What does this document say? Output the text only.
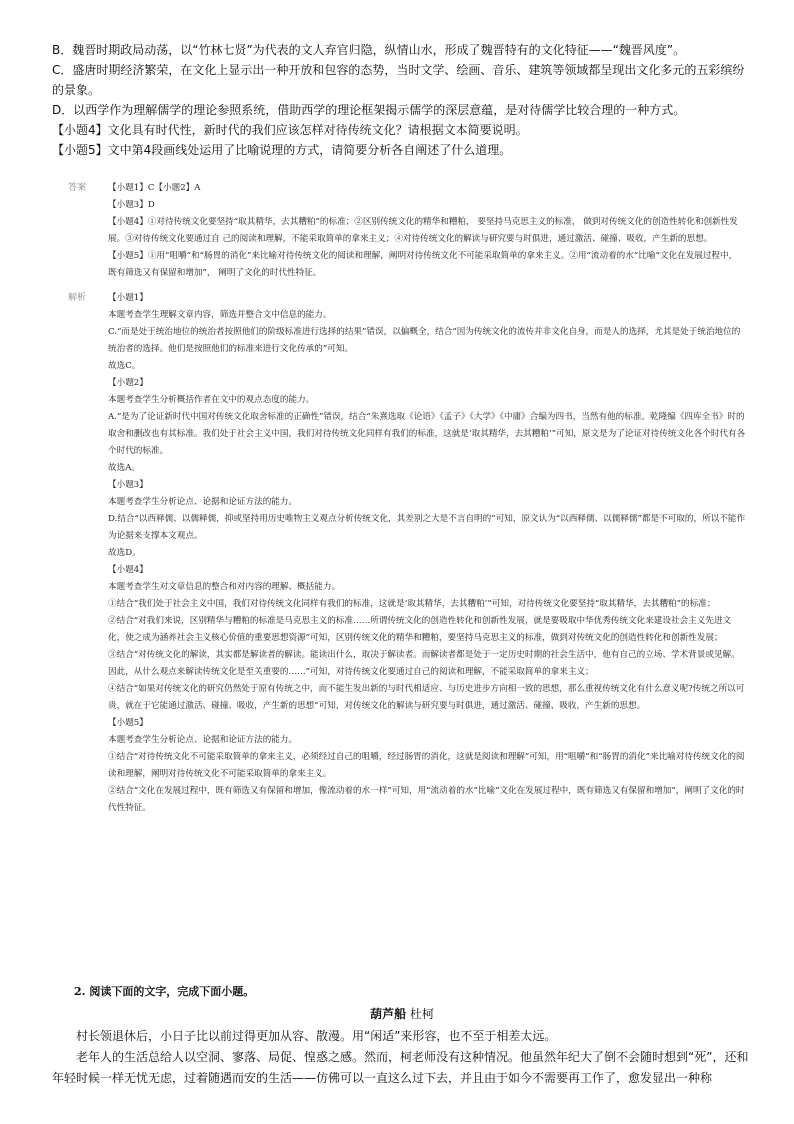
B．魏晋时期政局动荡，以“竹林七贤”为代表的文人弃官归隐，纵情山水，形成了魏晋特有的文化特征——“魏晋风度”。

C．盛唐时期经济繁荣，在文化上显示出一种开放和包容的态势，当时文学、绘画、音乐、建筑等领域都呈现出文化多元的五彩缤纷的景象。

D．以西学作为理解儒学的理论参照系统，借助西学的理论框架揭示儒学的深层意蕴，是对待儒学比较合理的一种方式。

【小题4】文化具有时代性，新时代的我们应该怎样对待传统文化？请根据文本简要说明。

【小题5】文中第4段画线处运用了比喻说理的方式，请简要分析各自阐述了什么道理。

答案	【小题1】C【小题2】A

【小题3】D

【小题4】①对待传统文化要坚持“取其精华，去其糟粕”的标准；②区别传统文化的精华和糟粕， 要坚持马克思主义的标准， 做到对传统文化的创造性转化和创新性发展。③对待传统文化要通过自 己的阅读和理解，不能采取简单的拿来主义；④对待传统文化的解读与研究要与时俱进，通过激活、碰撞、吸收，产生新的思想。

【小题5】①用“咀嚼”和“肠胃的消化”来比喻对待传统文化的阅读和理解，阐明对待传统文化不可能采取简单的拿来主义。②用“流动着的水”比喻“文化在发展过程中， 既有筛选又有保留和增加”， 阐明了文化的时代性特征。

解析	【小题1】

本题考查学生理解文章内容，筛选并整合文中信息的能力。

C.“而是处于统治地位的统治者按照他们的阶级标准进行选择的结果”错误，以偏概全，结合“因为传统文化的流传并非文化自身，而是人的选择，尤其是处于统治地位的统治者的选择。他们是按照他们的标准来进行文化传承的”可知。

故选C。

【小题2】

本题考查学生分析概括作者在文中的观点态度的能力。

A.“是为了论证新时代中国对传统文化取舍标准的正确性”错误，结合“朱熹选取《论语》《孟子》《大学》《中庸》合编为四书，当然有他的标准。乾隆编《四库全书》时的取舍和删改也有其标准。我们处于社会主义中国，我们对待传统文化同样有我们的标准，这就是‘取其精华，去其糟粕’”可知，原文是为了论证对待传统文化各个时代有各个时代的标准。

故选A。

【小题3】

本题考查学生分析论点、论据和论证方法的能力。

D.结合“以西释儒、以儒释儒，抑或坚持用历史唯物主义观点分析传统文化，其差别之大是不言自明的”可知，原文认为“以西释儒、以儒释儒”都是不可取的，所以不能作为论据来支撑本文观点。

故选D。

【小题4】

本题考查学生对文章信息的整合和对内容的理解、概括能力。

①结合“我们处于社会主义中国，我们对待传统文化同样有我们的标准，这就是‘取其精华，去其糟粕’”可知，对待传统文化要坚持“取其精华，去其糟粕”的标准；

②结合“对我们来说，区别精华与糟粕的标准是马克思主义的标准……所谓传统文化的创造性转化和创新性发展，就是要吸取中华优秀传统文化来建设社会主义先进文化，使之成为涵养社会主义核心价值的重要思想资源”可知，区别传统文化的精华和糟粕，要坚持马克思主义的标准，做到对传统文化的创造性转化和创新性发展；

③结合“对传统文化的解读，其实都是解读者的解读。能读出什么，取决于解读者。而解读者都是处于一定历史时期的社会生活中，他有自己的立场、学术背景或见解。因此，从什么观点来解读传统文化是至关重要的……”可知，对待传统文化要通过自己的阅读和理解，不能采取简单的拿来主义；

④结合“如果对传统文化的研究仍然处于原有传统之中，而不能生发出新的与时代相适应、与历史进步方向相一致的思想，那么重视传统文化有什么意义呢?传统之所以可贵，就在于它能通过激活、碰撞、吸收，产生新的思想”可知，对传统文化的解读与研究要与时俱进，通过激活、碰撞、吸收，产生新的思想。

【小题5】

本题考查学生分析论点、论据和论证方法的能力。

①结合“对待传统文化不可能采取简单的拿来主义，必须经过自己的咀嚼，经过肠胃的消化，这就是阅读和理解”可知，用“咀嚼”和“肠胃的消化”来比喻对待传统文化的阅读和理解，阐明对待传统文化不可能采取简单的拿来主义。

②结合“文化在发展过程中，既有筛选又有保留和增加，像流动着的水一样”可知，用“流动着的水”比喻“文化在发展过程中，既有筛选又有保留和增加”，阐明了文化的时代性特征。

2. 阅读下面的文字，完成下面小题。

葫芦船 杜柯

村长领退休后，小日子比以前过得更加从容、散漫。用“闲适”来形容，也不至于相差太远。

老年人的生活总给人以空洞、寥落、局促、惶惑之感。然而，柯老师没有这种情况。他虽然年纪大了倒不会随时想到“死”，还和年轻时候一样无忧无虑，过着随遇而安的生活——仿佛可以一直这么过下去，并且由于如今不需要再工作了，愈发显出一种称
